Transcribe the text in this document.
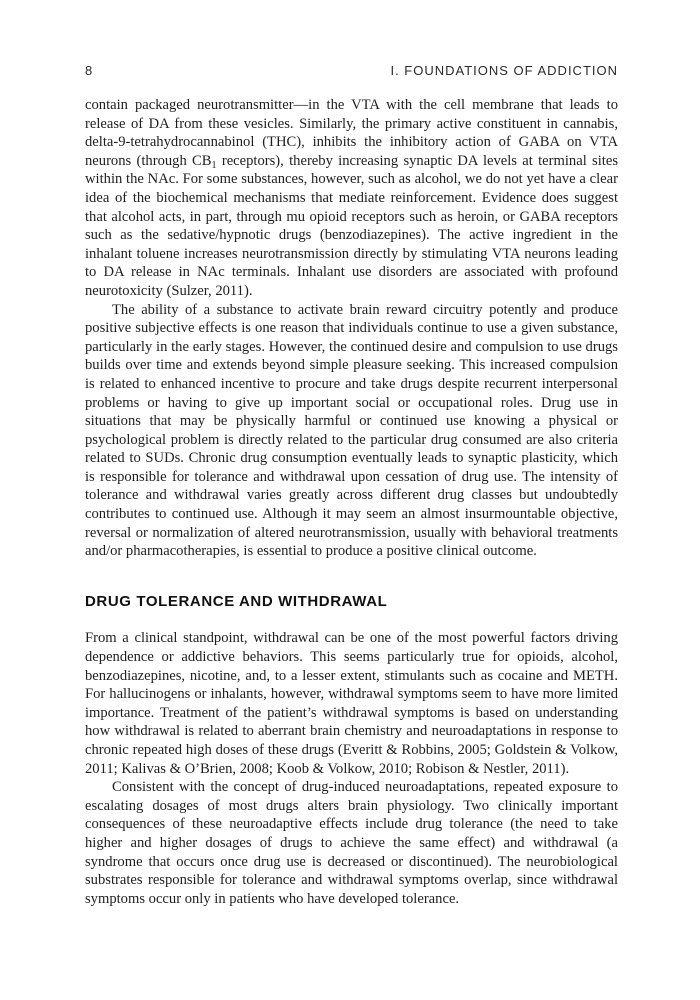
8	I. FOUNDATIONS OF ADDICTION

contain packaged neurotransmitter—in the VTA with the cell membrane that leads to release of DA from these vesicles. Similarly, the primary active constituent in cannabis, delta-9-tetrahydrocannabinol (THC), inhibits the inhibitory action of GABA on VTA neurons (through $CB_1$ receptors), thereby increasing synaptic DA levels at terminal sites within the NAc. For some substances, however, such as alcohol, we do not yet have a clear idea of the biochemical mechanisms that mediate reinforcement. Evidence does suggest that alcohol acts, in part, through mu opioid receptors such as heroin, or GABA receptors such as the sedative/hypnotic drugs (benzodiazepines). The active ingredient in the inhalant toluene increases neurotransmission directly by stimulating VTA neurons leading to DA release in NAc terminals. Inhalant use disorders are associated with profound neurotoxicity (Sulzer, 2011).

The ability of a substance to activate brain reward circuitry potently and produce positive subjective effects is one reason that individuals continue to use a given substance, particularly in the early stages. However, the continued desire and compulsion to use drugs builds over time and extends beyond simple pleasure seeking. This increased compulsion is related to enhanced incentive to procure and take drugs despite recurrent interpersonal problems or having to give up important social or occupational roles. Drug use in situations that may be physically harmful or continued use knowing a physical or psychological problem is directly related to the particular drug consumed are also criteria related to SUDs. Chronic drug consumption eventually leads to synaptic plasticity, which is responsible for tolerance and withdrawal upon cessation of drug use. The intensity of tolerance and withdrawal varies greatly across different drug classes but undoubtedly contributes to continued use. Although it may seem an almost insurmountable objective, reversal or normalization of altered neurotransmission, usually with behavioral treatments and/or pharmacotherapies, is essential to produce a positive clinical outcome.

DRUG TOLERANCE AND WITHDRAWAL

From a clinical standpoint, withdrawal can be one of the most powerful factors driving dependence or addictive behaviors. This seems particularly true for opioids, alcohol, benzodiazepines, nicotine, and, to a lesser extent, stimulants such as cocaine and METH. For hallucinogens or inhalants, however, withdrawal symptoms seem to have more limited importance. Treatment of the patient’s withdrawal symptoms is based on understanding how withdrawal is related to aberrant brain chemistry and neuroadaptations in response to chronic repeated high doses of these drugs (Everitt & Robbins, 2005; Goldstein & Volkow, 2011; Kalivas & O’Brien, 2008; Koob & Volkow, 2010; Robison & Nestler, 2011).

Consistent with the concept of drug-induced neuroadaptations, repeated exposure to escalating dosages of most drugs alters brain physiology. Two clinically important consequences of these neuroadaptive effects include drug tolerance (the need to take higher and higher dosages of drugs to achieve the same effect) and withdrawal (a syndrome that occurs once drug use is decreased or discontinued). The neurobiological substrates responsible for tolerance and withdrawal symptoms overlap, since withdrawal symptoms occur only in patients who have developed tolerance.
